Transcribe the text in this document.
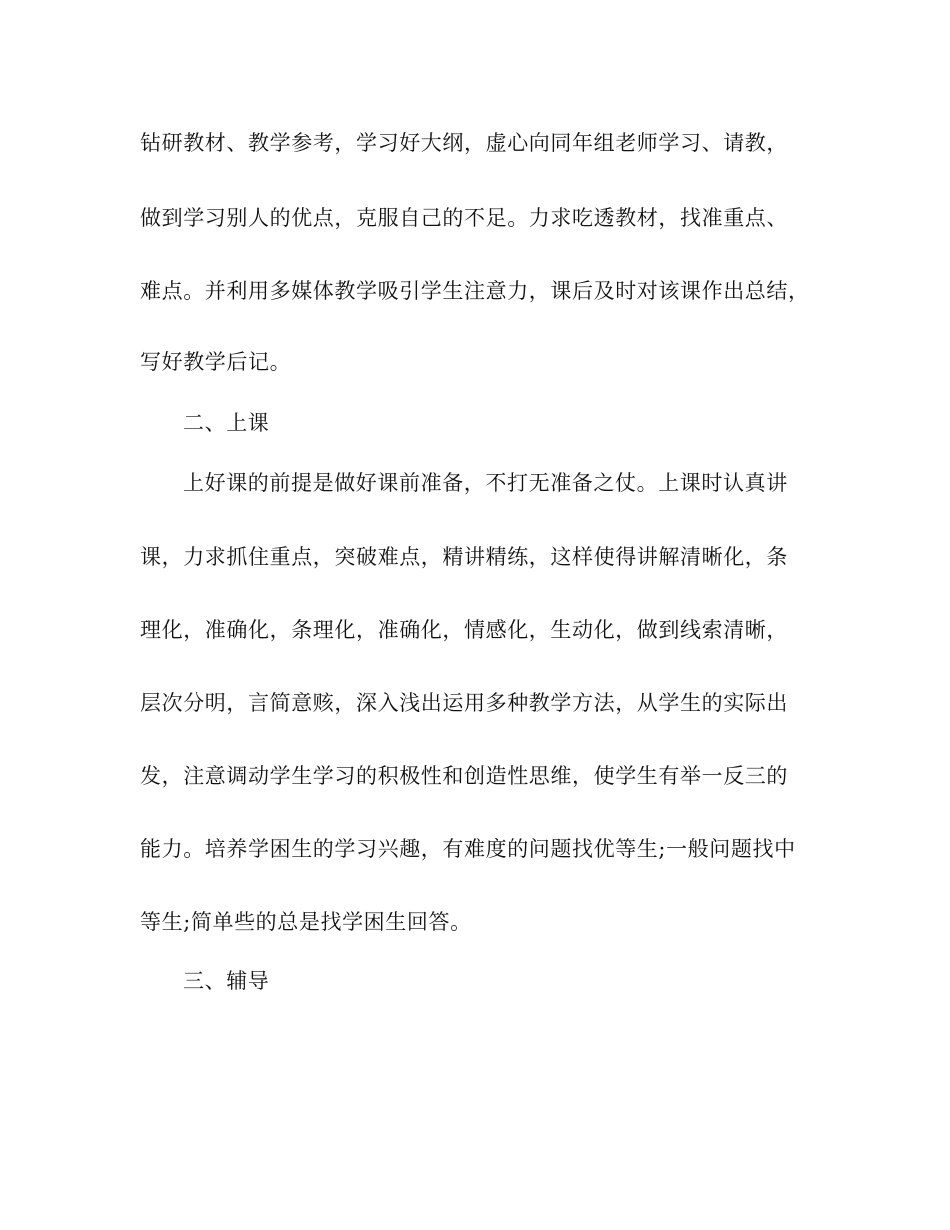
钻研教材、教学参考，学习好大纲，虚心向同年组老师学习、请教，
做到学习别人的优点，克服自己的不足。力求吃透教材，找准重点、
难点。并利用多媒体教学吸引学生注意力，课后及时对该课作出总结，
写好教学后记。
二、上课
上好课的前提是做好课前准备，不打无准备之仗。上课时认真讲
课，力求抓住重点，突破难点，精讲精练，这样使得讲解清晰化，条
理化，准确化，条理化，准确化，情感化，生动化，做到线索清晰，
层次分明，言简意赅，深入浅出运用多种教学方法，从学生的实际出
发，注意调动学生学习的积极性和创造性思维，使学生有举一反三的
能力。培养学困生的学习兴趣，有难度的问题找优等生;一般问题找中
等生;简单些的总是找学困生回答。
三、辅导
